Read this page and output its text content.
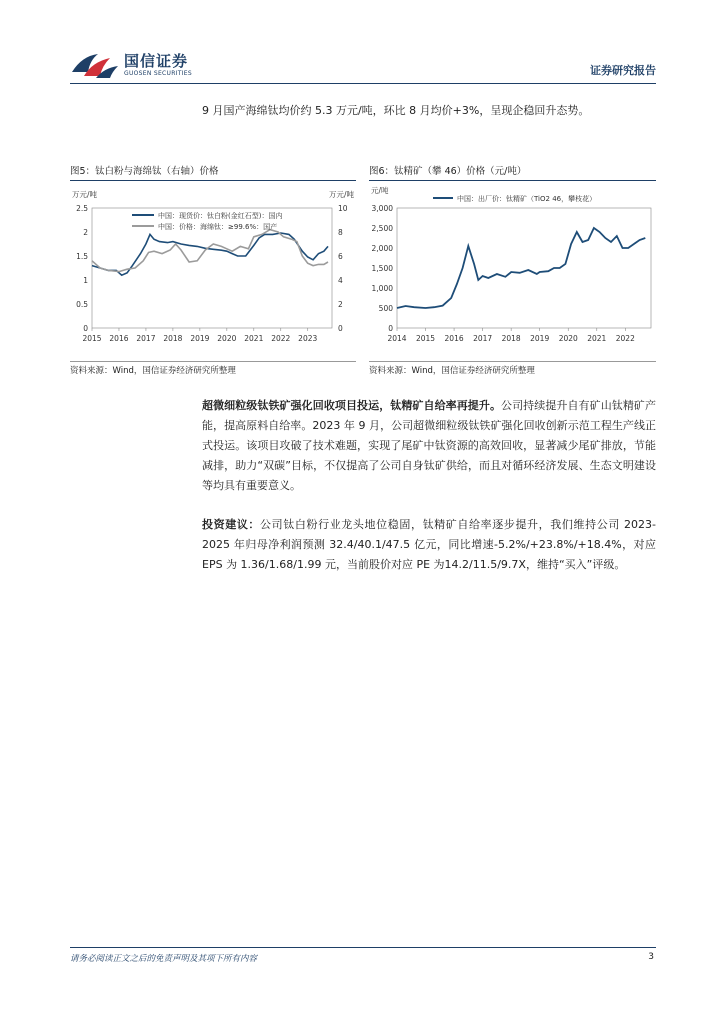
国信证券
GUOSEN SECURITIES	证券研究报告
9 月国产海绵钛均价约 5.3 万元/吨，环比 8 月均价+3%，呈现企稳回升态势。
图5：钛白粉与海绵钛（右轴）价格
万元/吨	万元/吨
0
0.5
1
1.5
2
2.5
0
2
4
6
8
10
2015 2016 2017 2018 2019 2020 2021 2022 2023
中国：现货价：钛白粉(金红石型)：国内
中国：价格：海绵钛：≥99.6%：国产
资料来源：Wind，国信证券经济研究所整理
图6：钛精矿（攀 46）价格（元/吨）
元/吨
0
500
1,000
1,500
2,000
2,500
3,000
2014 2015 2016 2017 2018 2019 2020 2021 2022
中国：出厂价：钛精矿（TiO2 46，攀枝花）
资料来源：Wind，国信证券经济研究所整理
超微细粒级钛铁矿强化回收项目投运，钛精矿自给率再提升。公司持续提升自有矿山钛精矿产能，提高原料自给率。2023 年 9 月，公司超微细粒级钛铁矿强化回收创新示范工程生产线正式投运。该项目攻破了技术难题，实现了尾矿中钛资源的高效回收，显著减少尾矿排放，节能减排，助力“双碳”目标，不仅提高了公司自身钛矿供给，而且对循环经济发展、生态文明建设等均具有重要意义。
投资建议：公司钛白粉行业龙头地位稳固，钛精矿自给率逐步提升，我们维持公司 2023-2025 年归母净利润预测 32.4/40.1/47.5 亿元，同比增速-5.2%/+23.8%/+18.4%，对应 EPS 为 1.36/1.68/1.99 元，当前股价对应 PE 为14.2/11.5/9.7X，维持“买入”评级。
请务必阅读正文之后的免责声明及其项下所有内容	3
